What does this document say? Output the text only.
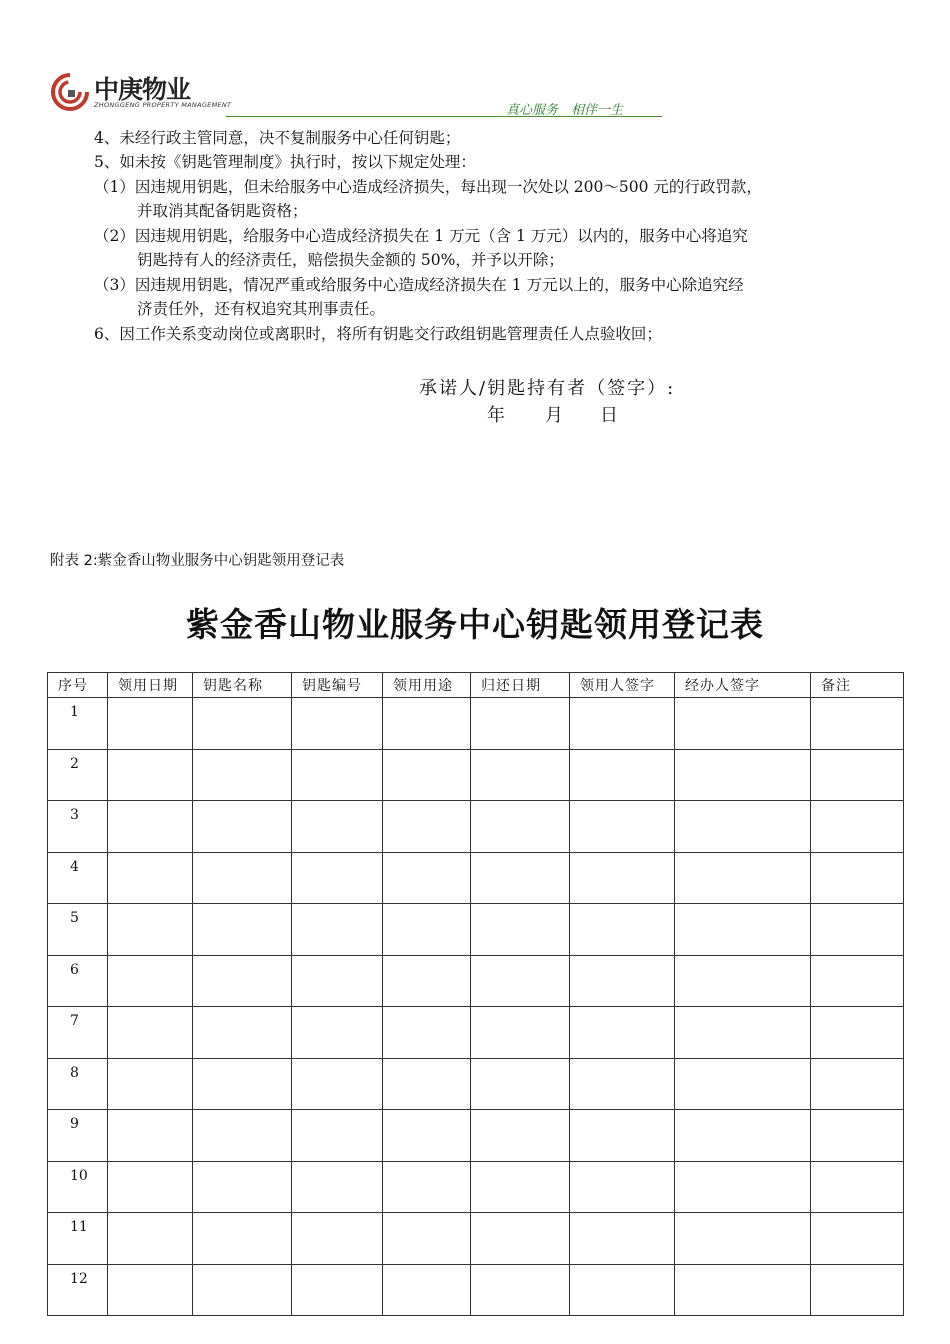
中庚物业
ZHONGGENG PROPERTY MANAGEMENT	真心服务　相伴一生
4、未经行政主管同意，决不复制服务中心任何钥匙；
5、如未按《钥匙管理制度》执行时，按以下规定处理：
（1）因违规用钥匙，但未给服务中心造成经济损失，每出现一次处以 200～500 元的行政罚款，
并取消其配备钥匙资格；
（2）因违规用钥匙，给服务中心造成经济损失在 1 万元（含 1 万元）以内的，服务中心将追究
钥匙持有人的经济责任，赔偿损失金额的 50%，并予以开除；
（3）因违规用钥匙，情况严重或给服务中心造成经济损失在 1 万元以上的，服务中心除追究经
济责任外，还有权追究其刑事责任。
6、因工作关系变动岗位或离职时，将所有钥匙交行政组钥匙管理责任人点验收回；
承诺人/钥匙持有者（签字）:
年 月 日
附表 2:紫金香山物业服务中心钥匙领用登记表
紫金香山物业服务中心钥匙领用登记表
序号	领用日期	钥匙名称	钥匙编号	领用用途	归还日期	领用人签字	经办人签字	备注
1								
2								
3								
4								
5								
6								
7								
8								
9								
10								
11								
12								
